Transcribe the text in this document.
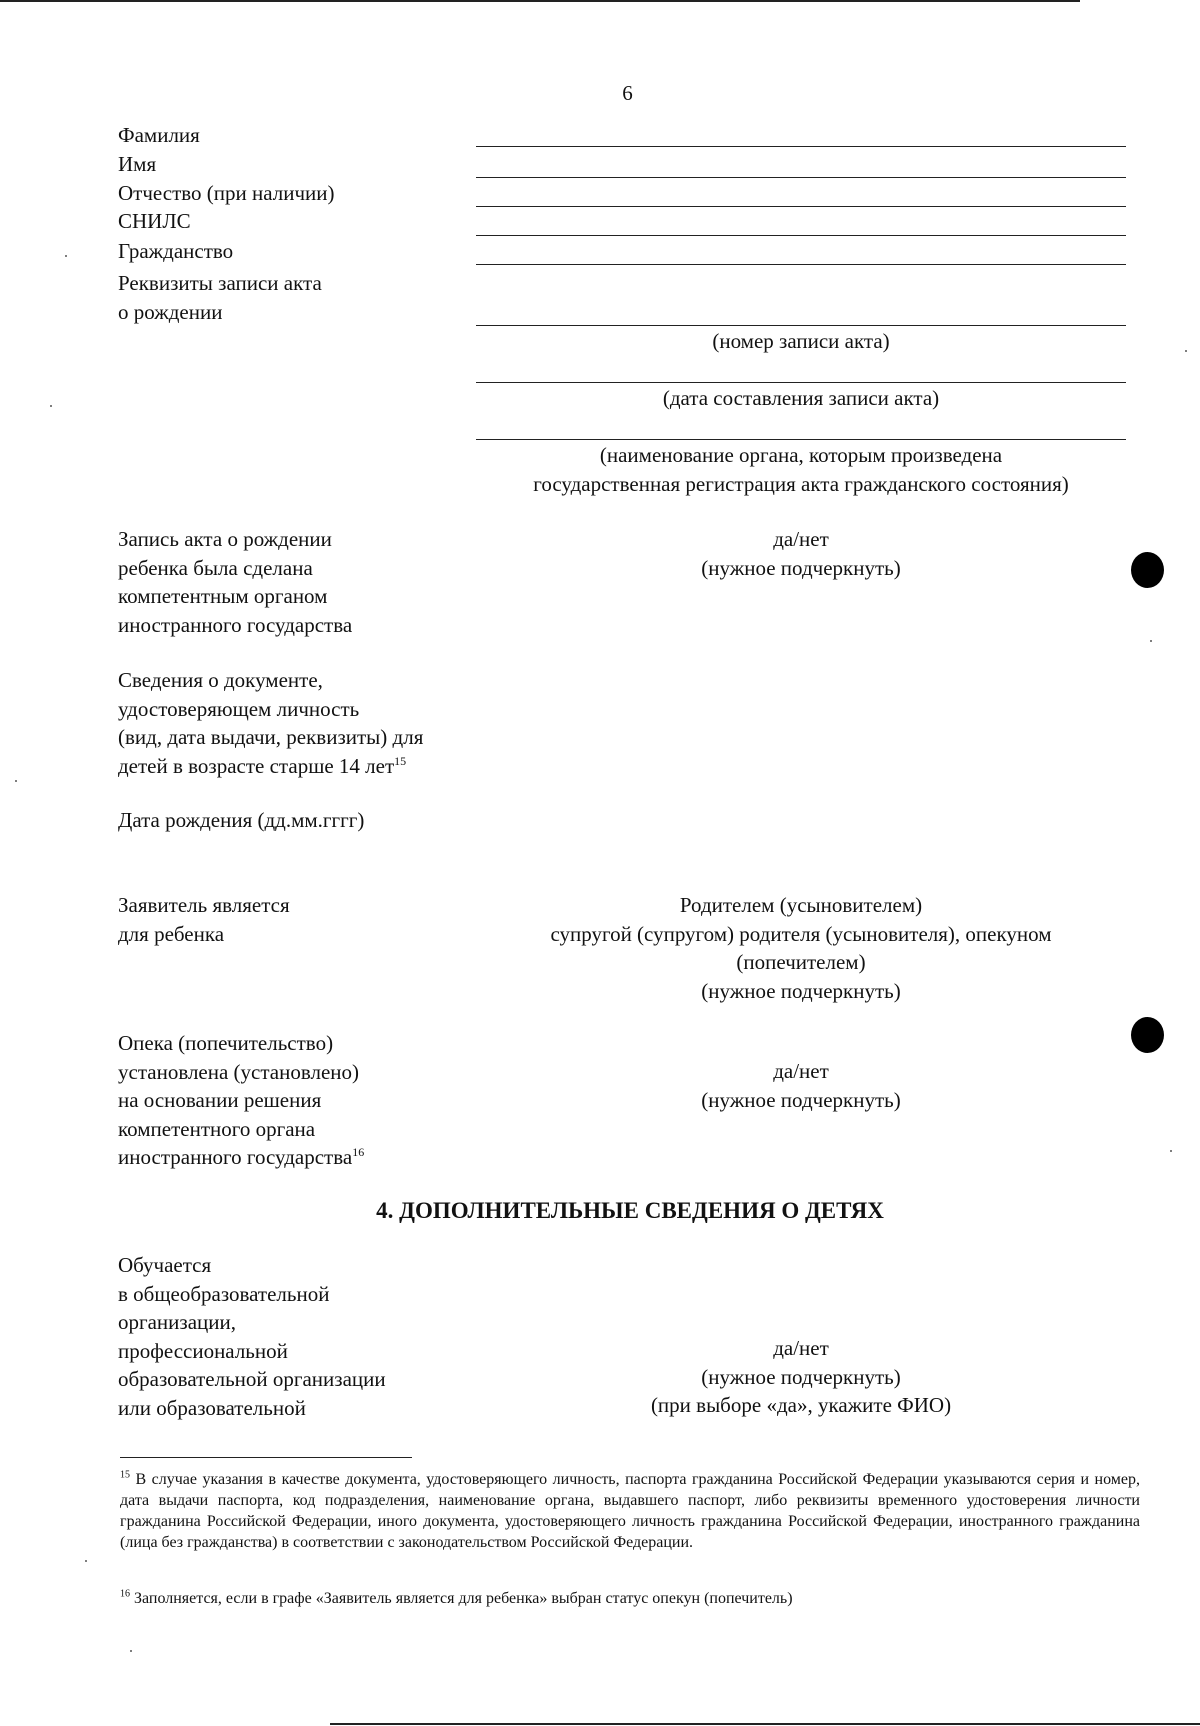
6
Фамилия
Имя
Отчество (при наличии)
СНИЛС
Гражданство
Реквизиты записи акта
о рождении
(номер записи акта)
(дата составления записи акта)
(наименование органа, которым произведена
государственная регистрация акта гражданского состояния)
Запись акта о рождении
ребенка была сделана
компетентным органом
иностранного государства
да/нет
(нужное подчеркнуть)
Сведения о документе,
удостоверяющем личность
(вид, дата выдачи, реквизиты) для
детей в возрасте старше 14 лет$^{15}$
Дата рождения (дд.мм.гггг)
Заявитель является
для ребенка
Родителем (усыновителем)
супругой (супругом) родителя (усыновителя), опекуном
(попечителем)
(нужное подчеркнуть)
Опека (попечительство)
установлена (установлено)
на основании решения
компетентного органа
иностранного государства$^{16}$
да/нет
(нужное подчеркнуть)
4. ДОПОЛНИТЕЛЬНЫЕ СВЕДЕНИЯ О ДЕТЯХ
Обучается
в общеобразовательной
организации,
профессиональной
образовательной организации
или образовательной
да/нет
(нужное подчеркнуть)
(при выборе «да», укажите ФИО)
$^{15}$ В случае указания в качестве документа, удостоверяющего личность, паспорта гражданина Российской Федерации указываются серия и номер, дата выдачи паспорта, код подразделения, наименование органа, выдавшего паспорт, либо реквизиты временного удостоверения личности гражданина Российской Федерации, иного документа, удостоверяющего личность гражданина Российской Федерации, иностранного гражданина (лица без гражданства) в соответствии с законодательством Российской Федерации.
$^{16}$ Заполняется, если в графе «Заявитель является для ребенка» выбран статус опекун (попечитель)
